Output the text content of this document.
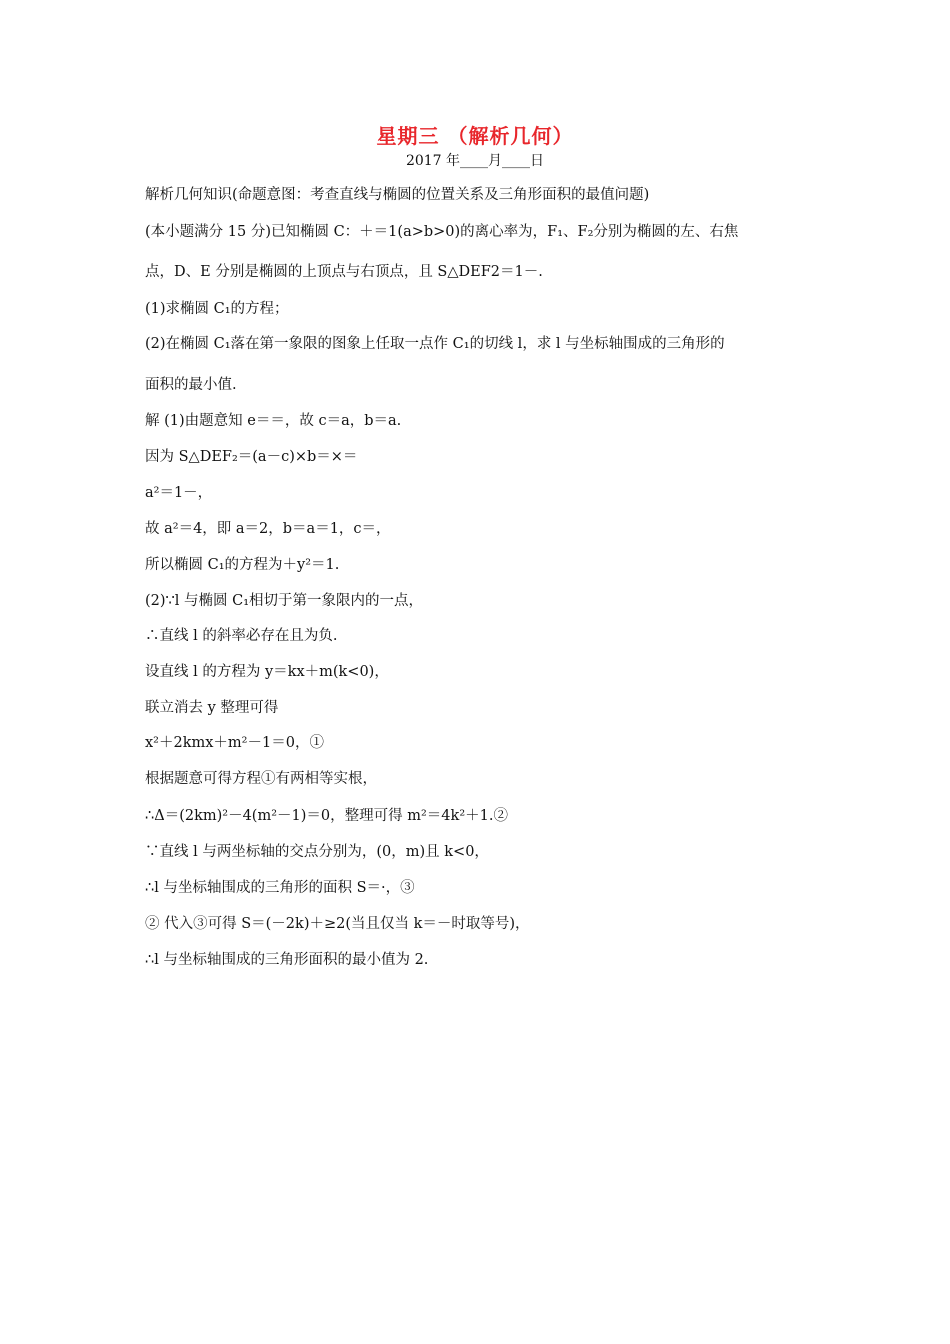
星期三 （解析几何）
2017 年____月____日
解析几何知识(命题意图：考查直线与椭圆的位置关系及三角形面积的最值问题)
(本小题满分 15 分)已知椭圆 C：＋＝1(a>b>0)的离心率为，F₁、F₂分别为椭圆的左、右焦
点，D、E 分别是椭圆的上顶点与右顶点，且 S△DEF2＝1－.
(1)求椭圆 C₁的方程；
(2)在椭圆 C₁落在第一象限的图象上任取一点作 C₁的切线 l，求 l 与坐标轴围成的三角形的
面积的最小值.
解 (1)由题意知 e＝＝，故 c＝a，b＝a.
因为 S△DEF₂＝(a－c)×b＝×＝
a²＝1－，
故 a²＝4，即 a＝2，b＝a＝1，c＝，
所以椭圆 C₁的方程为＋y²＝1.
(2)∵l 与椭圆 C₁相切于第一象限内的一点，
∴直线 l 的斜率必存在且为负.
设直线 l 的方程为 y＝kx＋m(k<0)，
联立消去 y 整理可得
x²＋2kmx＋m²－1＝0，①
根据题意可得方程①有两相等实根，
∴Δ＝(2km)²－4(m²－1)＝0，整理可得 m²＝4k²＋1.②
∵直线 l 与两坐标轴的交点分别为，(0，m)且 k<0，
∴l 与坐标轴围成的三角形的面积 S＝·，③
② 代入③可得 S＝(－2k)＋≥2(当且仅当 k＝－时取等号)，
∴l 与坐标轴围成的三角形面积的最小值为 2.
